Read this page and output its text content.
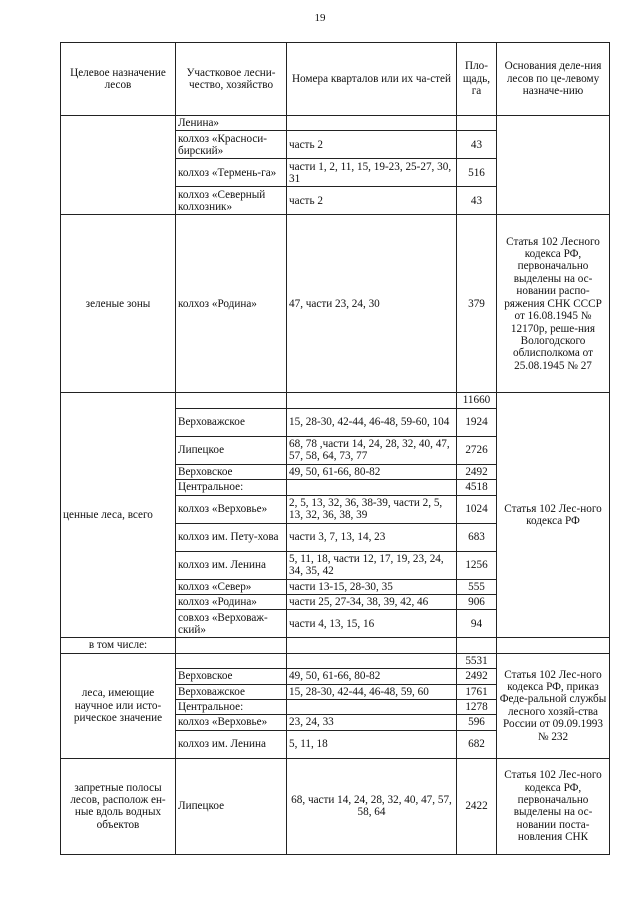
19
Целевое назначение лесов	Участковое лесни-чество, хозяйство	Номера кварталов или их ча-стей	Пло-щадь, га	Основания деле-ния лесов по це-левому назначе-нию
	Ленина»			
	колхоз «Красноси-бирский»	часть 2	43	
	колхоз «Термень-га»	части 1, 2, 11, 15, 19-23, 25-27, 30, 31	516	
	колхоз «Северный колхозник»	часть 2	43	
зеленые зоны	колхоз «Родина»	47, части 23, 24, 30	379	Статья 102 Лесного кодекса РФ, первоначально выделены на ос-новании распо-ряжения СНК СССР от 16.08.1945 № 12170р, реше-ния Вологодского облисполкома от 25.08.1945 № 27
ценные леса, всего			11660	Статья 102 Лес-ного кодекса РФ
	Верховажское	15, 28-30, 42-44, 46-48, 59-60, 104	1924	
	Липецкое	68, 78 ,части 14, 24, 28, 32, 40, 47, 57, 58, 64, 73, 77	2726	
	Верховское	49, 50, 61-66, 80-82	2492	
	Центральное:		4518	
	колхоз «Верховье»	2, 5, 13, 32, 36, 38-39, части 2, 5, 13, 32, 36, 38, 39	1024	
	колхоз им. Пету-хова	части 3, 7, 13, 14, 23	683	
	колхоз им. Ленина	5, 11, 18, части 12, 17, 19, 23, 24, 34, 35, 42	1256	
	колхоз «Север»	части 13-15, 28-30, 35	555	
	колхоз «Родина»	части 25, 27-34, 38, 39, 42, 46	906	
	совхоз «Верховаж-ский»	части 4, 13, 15, 16	94	
в том числе:				
леса, имеющие научное или исто-рическое значение			5531	Статья 102 Лес-ного кодекса РФ, приказ Феде-ральной службы лесного хозяй-ства России от 09.09.1993 № 232
	Верховское	49, 50, 61-66, 80-82	2492	
	Верховажское	15, 28-30, 42-44, 46-48, 59, 60	1761	
	Центральное:		1278	
	колхоз «Верховье»	23, 24, 33	596	
	колхоз им. Ленина	5, 11, 18	682	
запретные полосы лесов, располож ен-ные вдоль водных объектов	Липецкое	68, части 14, 24, 28, 32, 40, 47, 57, 58, 64	2422	Статья 102 Лес-ного кодекса РФ, первоначально выделены на ос-новании поста-новления СНК
